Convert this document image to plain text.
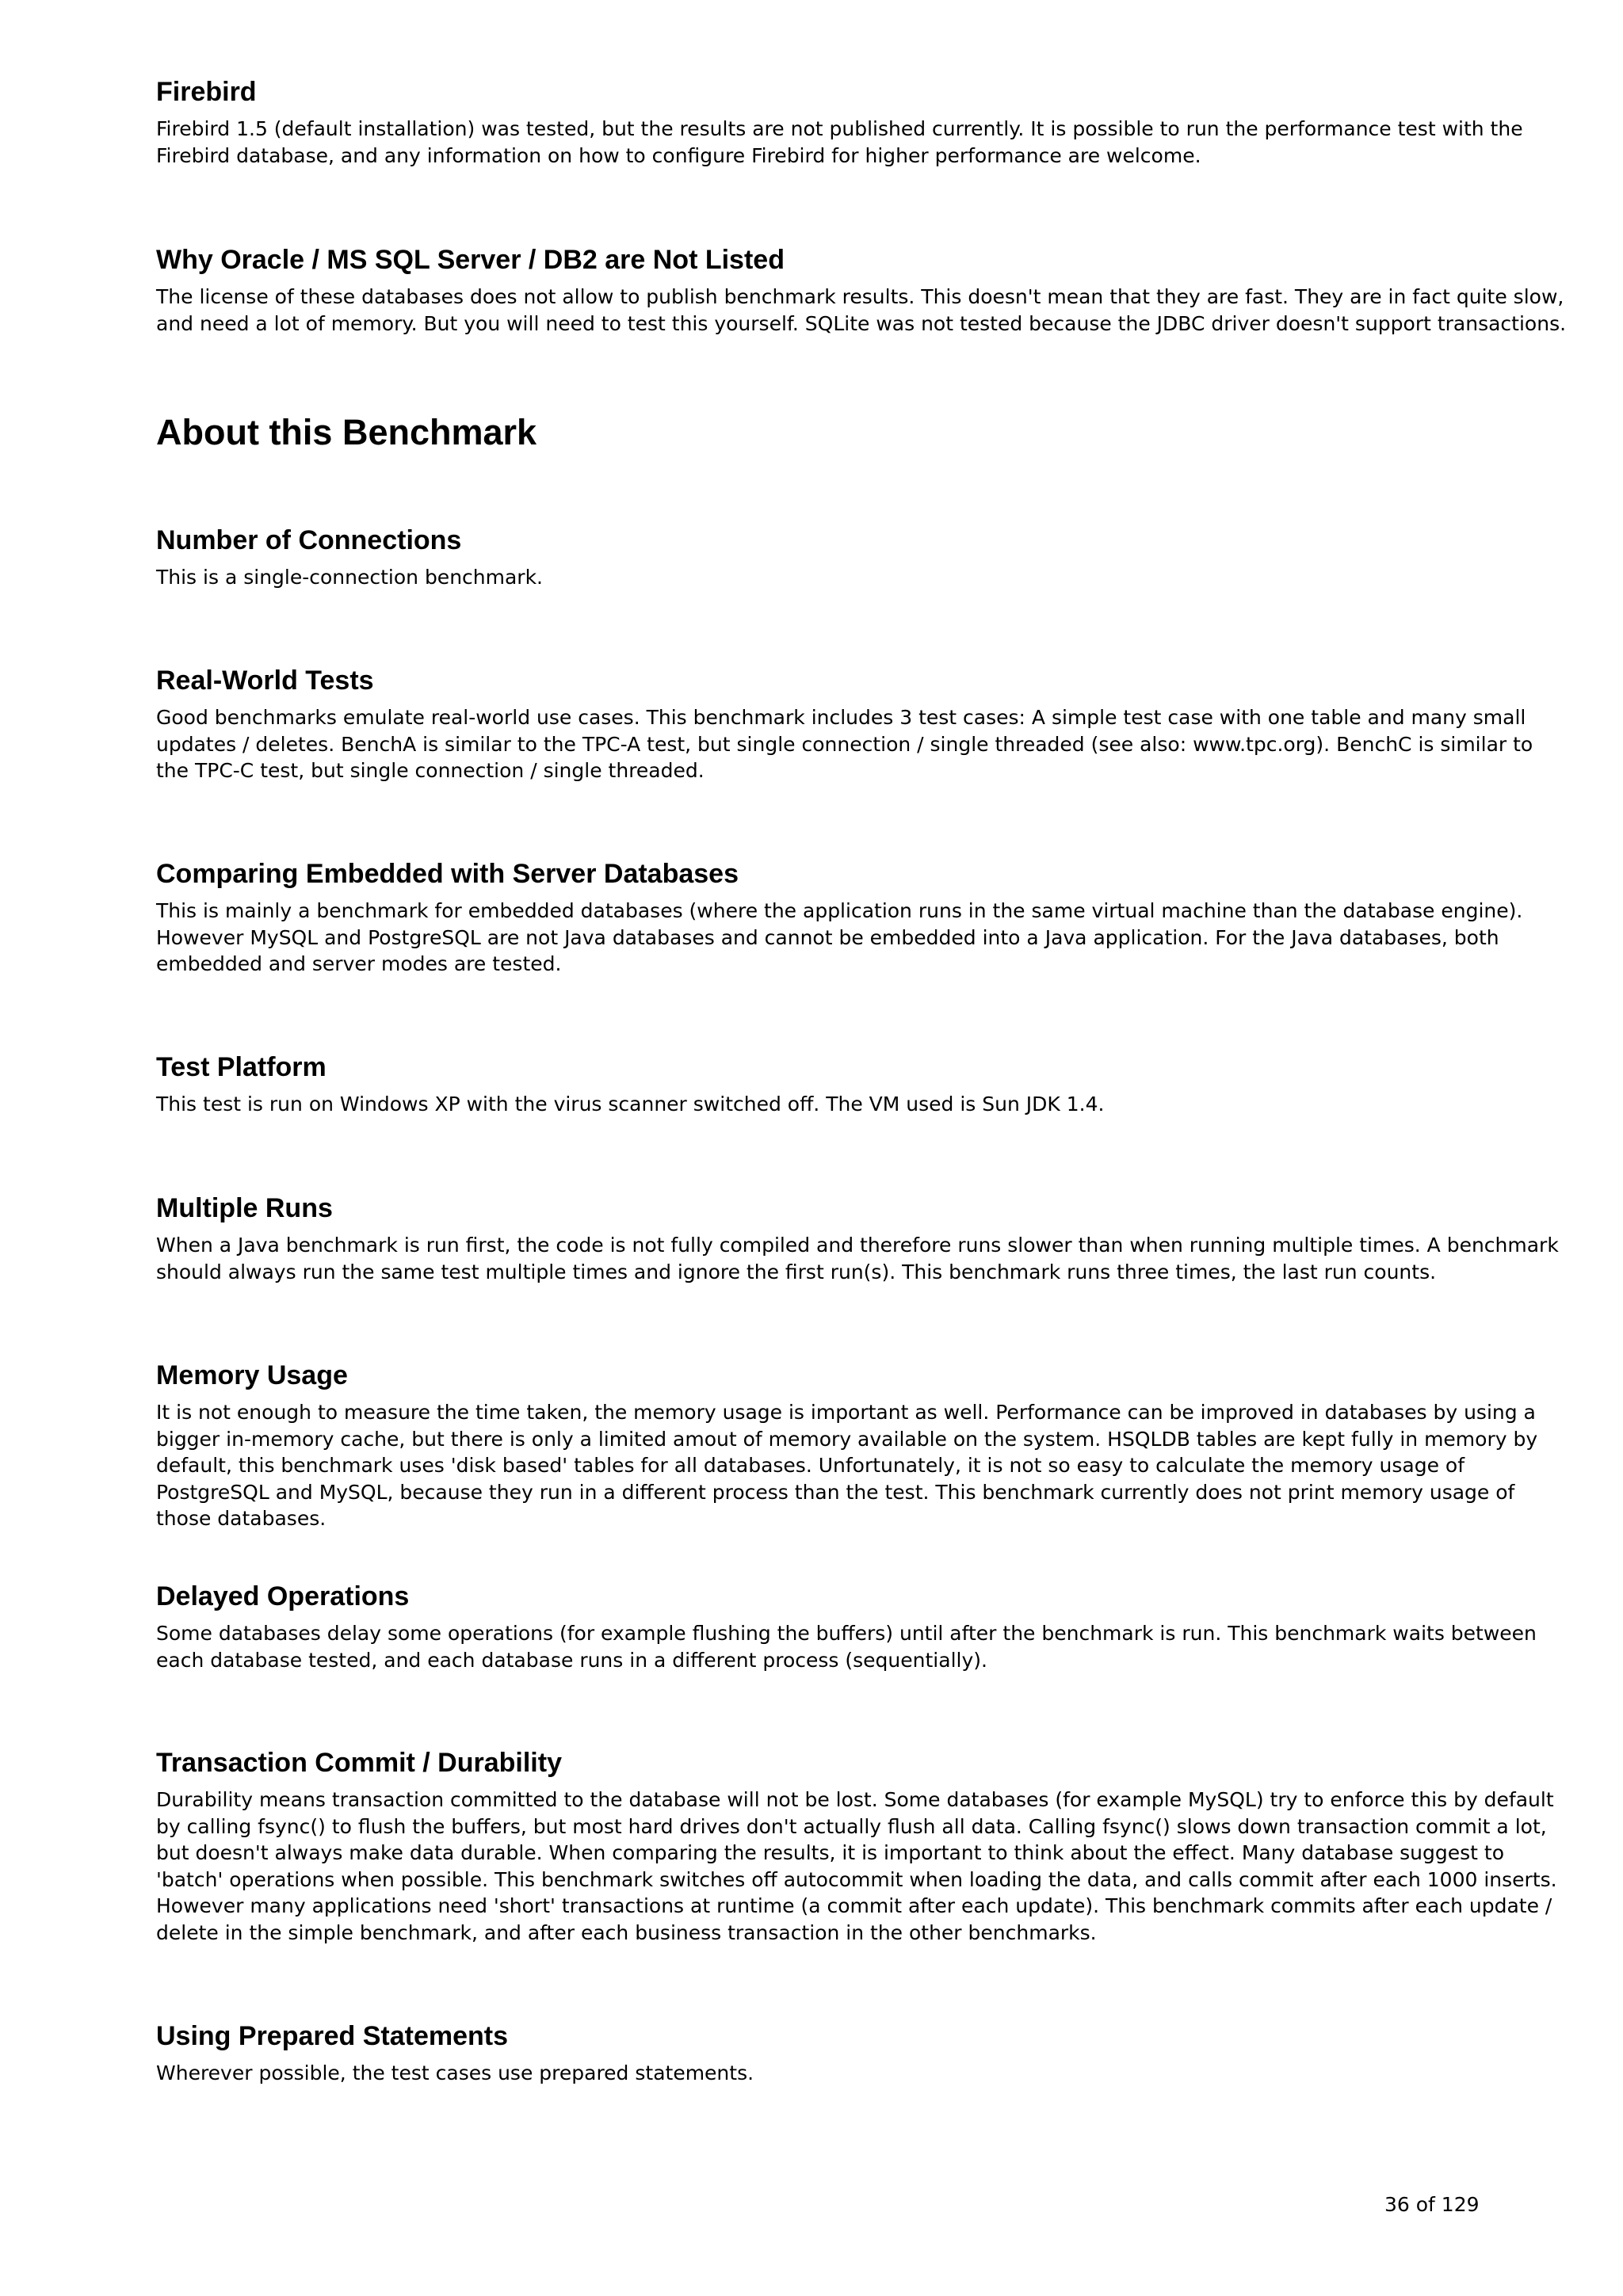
Firebird

Firebird 1.5 (default installation) was tested, but the results are not published currently. It is possible to run the performance test with the Firebird database, and any information on how to configure Firebird for higher performance are welcome.

Why Oracle / MS SQL Server / DB2 are Not Listed

The license of these databases does not allow to publish benchmark results. This doesn't mean that they are fast. They are in fact quite slow, and need a lot of memory. But you will need to test this yourself. SQLite was not tested because the JDBC driver doesn't support transactions.

About this Benchmark
Number of Connections

This is a single-connection benchmark.

Real-World Tests

Good benchmarks emulate real-world use cases. This benchmark includes 3 test cases: A simple test case with one table and many small updates / deletes. BenchA is similar to the TPC-A test, but single connection / single threaded (see also: www.tpc.org). BenchC is similar to the TPC-C test, but single connection / single threaded.

Comparing Embedded with Server Databases

This is mainly a benchmark for embedded databases (where the application runs in the same virtual machine than the database engine). However MySQL and PostgreSQL are not Java databases and cannot be embedded into a Java application. For the Java databases, both embedded and server modes are tested.

Test Platform

This test is run on Windows XP with the virus scanner switched off. The VM used is Sun JDK 1.4.

Multiple Runs

When a Java benchmark is run first, the code is not fully compiled and therefore runs slower than when running multiple times. A benchmark should always run the same test multiple times and ignore the first run(s). This benchmark runs three times, the last run counts.

Memory Usage

It is not enough to measure the time taken, the memory usage is important as well. Performance can be improved in databases by using a bigger in-memory cache, but there is only a limited amout of memory available on the system. HSQLDB tables are kept fully in memory by default, this benchmark uses 'disk based' tables for all databases. Unfortunately, it is not so easy to calculate the memory usage of PostgreSQL and MySQL, because they run in a different process than the test. This benchmark currently does not print memory usage of those databases.

Delayed Operations

Some databases delay some operations (for example flushing the buffers) until after the benchmark is run. This benchmark waits between each database tested, and each database runs in a different process (sequentially).

Transaction Commit / Durability

Durability means transaction committed to the database will not be lost. Some databases (for example MySQL) try to enforce this by default by calling fsync() to flush the buffers, but most hard drives don't actually flush all data. Calling fsync() slows down transaction commit a lot, but doesn't always make data durable. When comparing the results, it is important to think about the effect. Many database suggest to 'batch' operations when possible. This benchmark switches off autocommit when loading the data, and calls commit after each 1000 inserts. However many applications need 'short' transactions at runtime (a commit after each update). This benchmark commits after each update / delete in the simple benchmark, and after each business transaction in the other benchmarks.

Using Prepared Statements

Wherever possible, the test cases use prepared statements.

36 of 129
